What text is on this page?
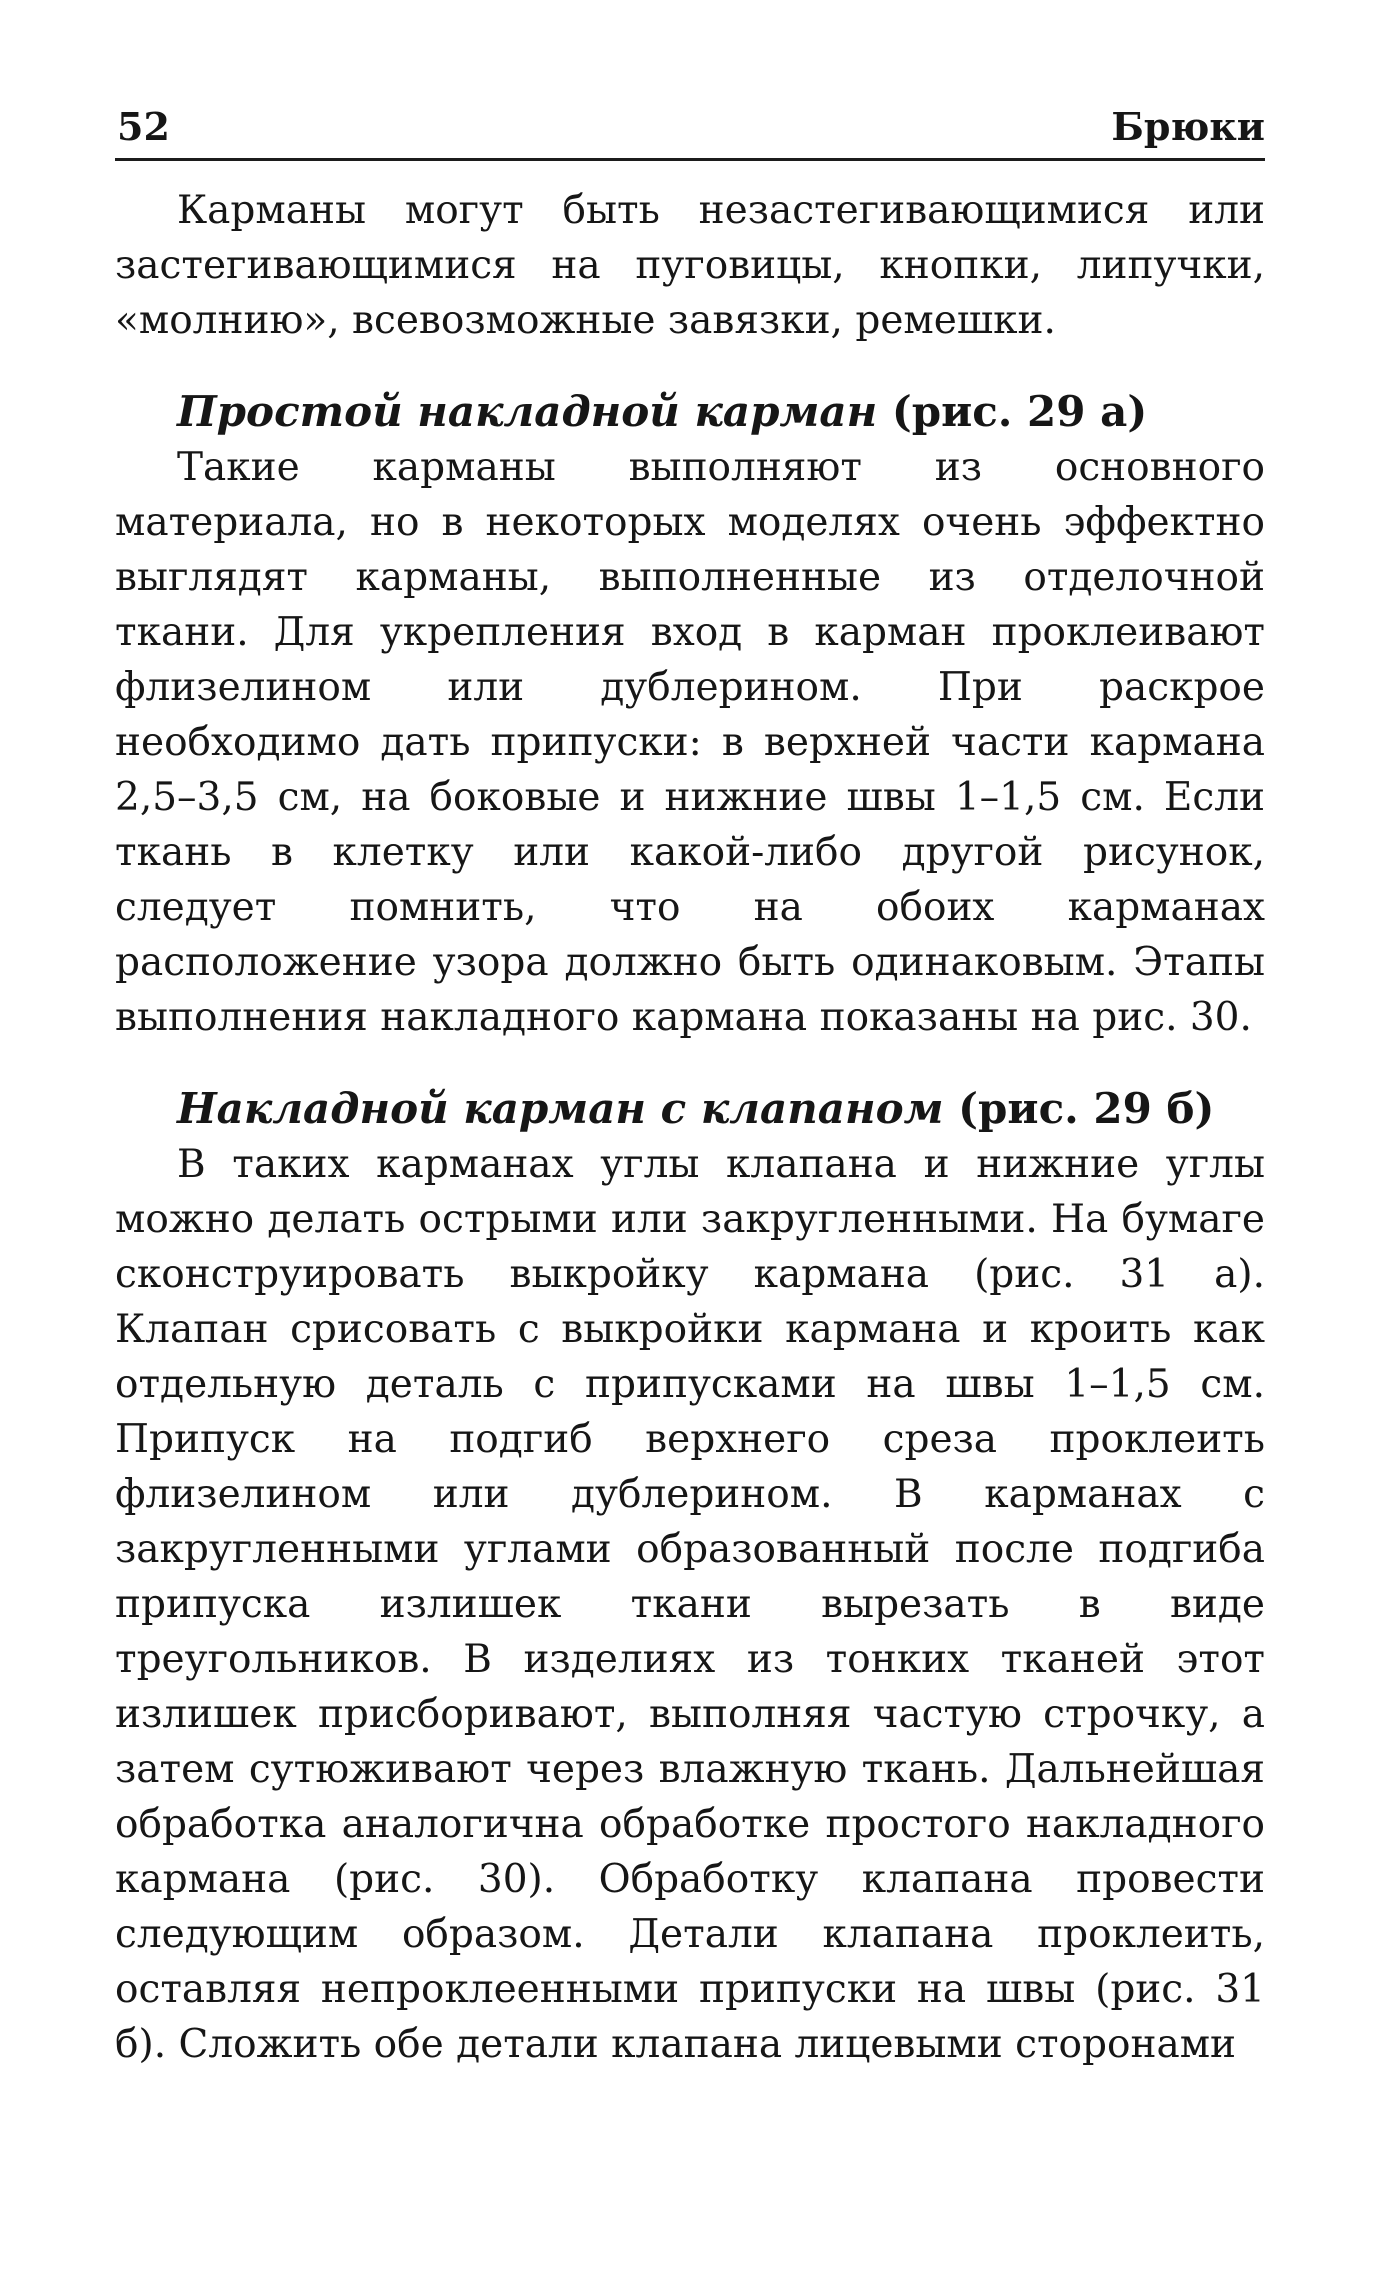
52	Брюки

Карманы могут быть незастегивающимися или застегивающимися на пуговицы, кнопки, липучки, «молнию», всевозможные завязки, ремешки.

Простой накладной карман (рис. 29 а)

Такие карманы выполняют из основного материала, но в некоторых моделях очень эффектно выглядят карманы, выполненные из отделочной ткани. Для укрепления вход в карман проклеивают флизелином или дублерином. При раскрое необходимо дать припуски: в верхней части кармана 2,5–3,5 см, на боковые и нижние швы 1–1,5 см. Если ткань в клетку или какой-либо другой рисунок, следует помнить, что на обоих карманах расположение узора должно быть одинаковым. Этапы выполнения накладного кармана показаны на рис. 30.

Накладной карман с клапаном (рис. 29 б)

В таких карманах углы клапана и нижние углы можно делать острыми или закругленными. На бумаге сконструировать выкройку кармана (рис. 31 а). Клапан срисовать с выкройки кармана и кроить как отдельную деталь с припусками на швы 1–1,5 см. Припуск на подгиб верхнего среза проклеить флизелином или дублерином. В карманах с закругленными углами образованный после подгиба припуска излишек ткани вырезать в виде треугольников. В изделиях из тонких тканей этот излишек присборивают, выполняя частую строчку, а затем сутюживают через влажную ткань. Дальнейшая обработка аналогична обработке простого накладного кармана (рис. 30). Обработку клапана провести следующим образом. Детали клапана проклеить, оставляя непроклеенными припуски на швы (рис. 31 б). Сложить обе детали клапана лицевыми сторонами
